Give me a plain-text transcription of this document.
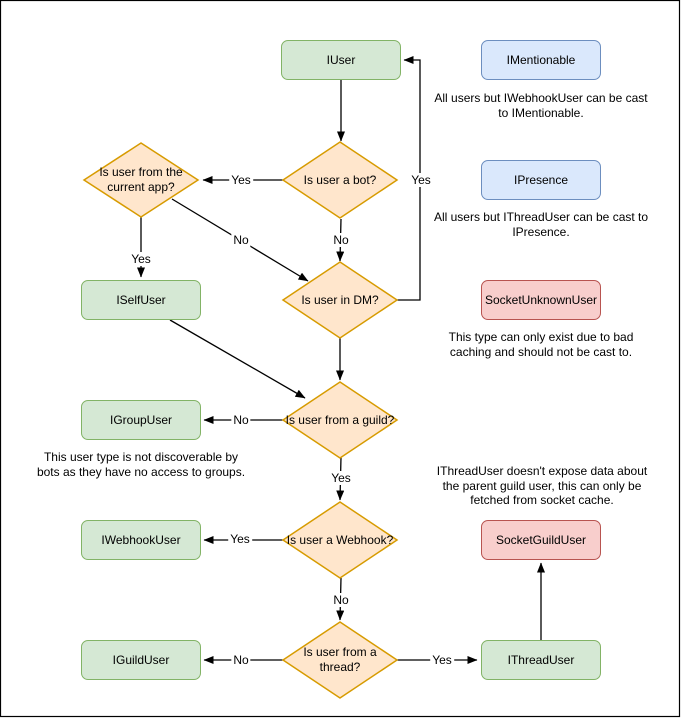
IUser	IMentionable
IPresence
SocketUnknownUser
ISelfUser
IGroupUser
IWebhookUser	SocketGuildUser
IGuildUser	IThreadUser
Is user from the current app?
Is user a bot?
Is user in DM?
Is user from a guild?
Is user a Webhook?
Is user from a thread?
Yes	Yes
No	No
Yes
No
Yes
Yes
No
No	Yes
All users but IWebhookUser can be cast to IMentionable.
All users but IThreadUser can be cast to IPresence.
This type can only exist due to bad caching and should not be cast to.
IThreadUser doesn't expose data about the parent guild user, this can only be fetched from socket cache.
This user type is not discoverable by bots as they have no access to groups.
